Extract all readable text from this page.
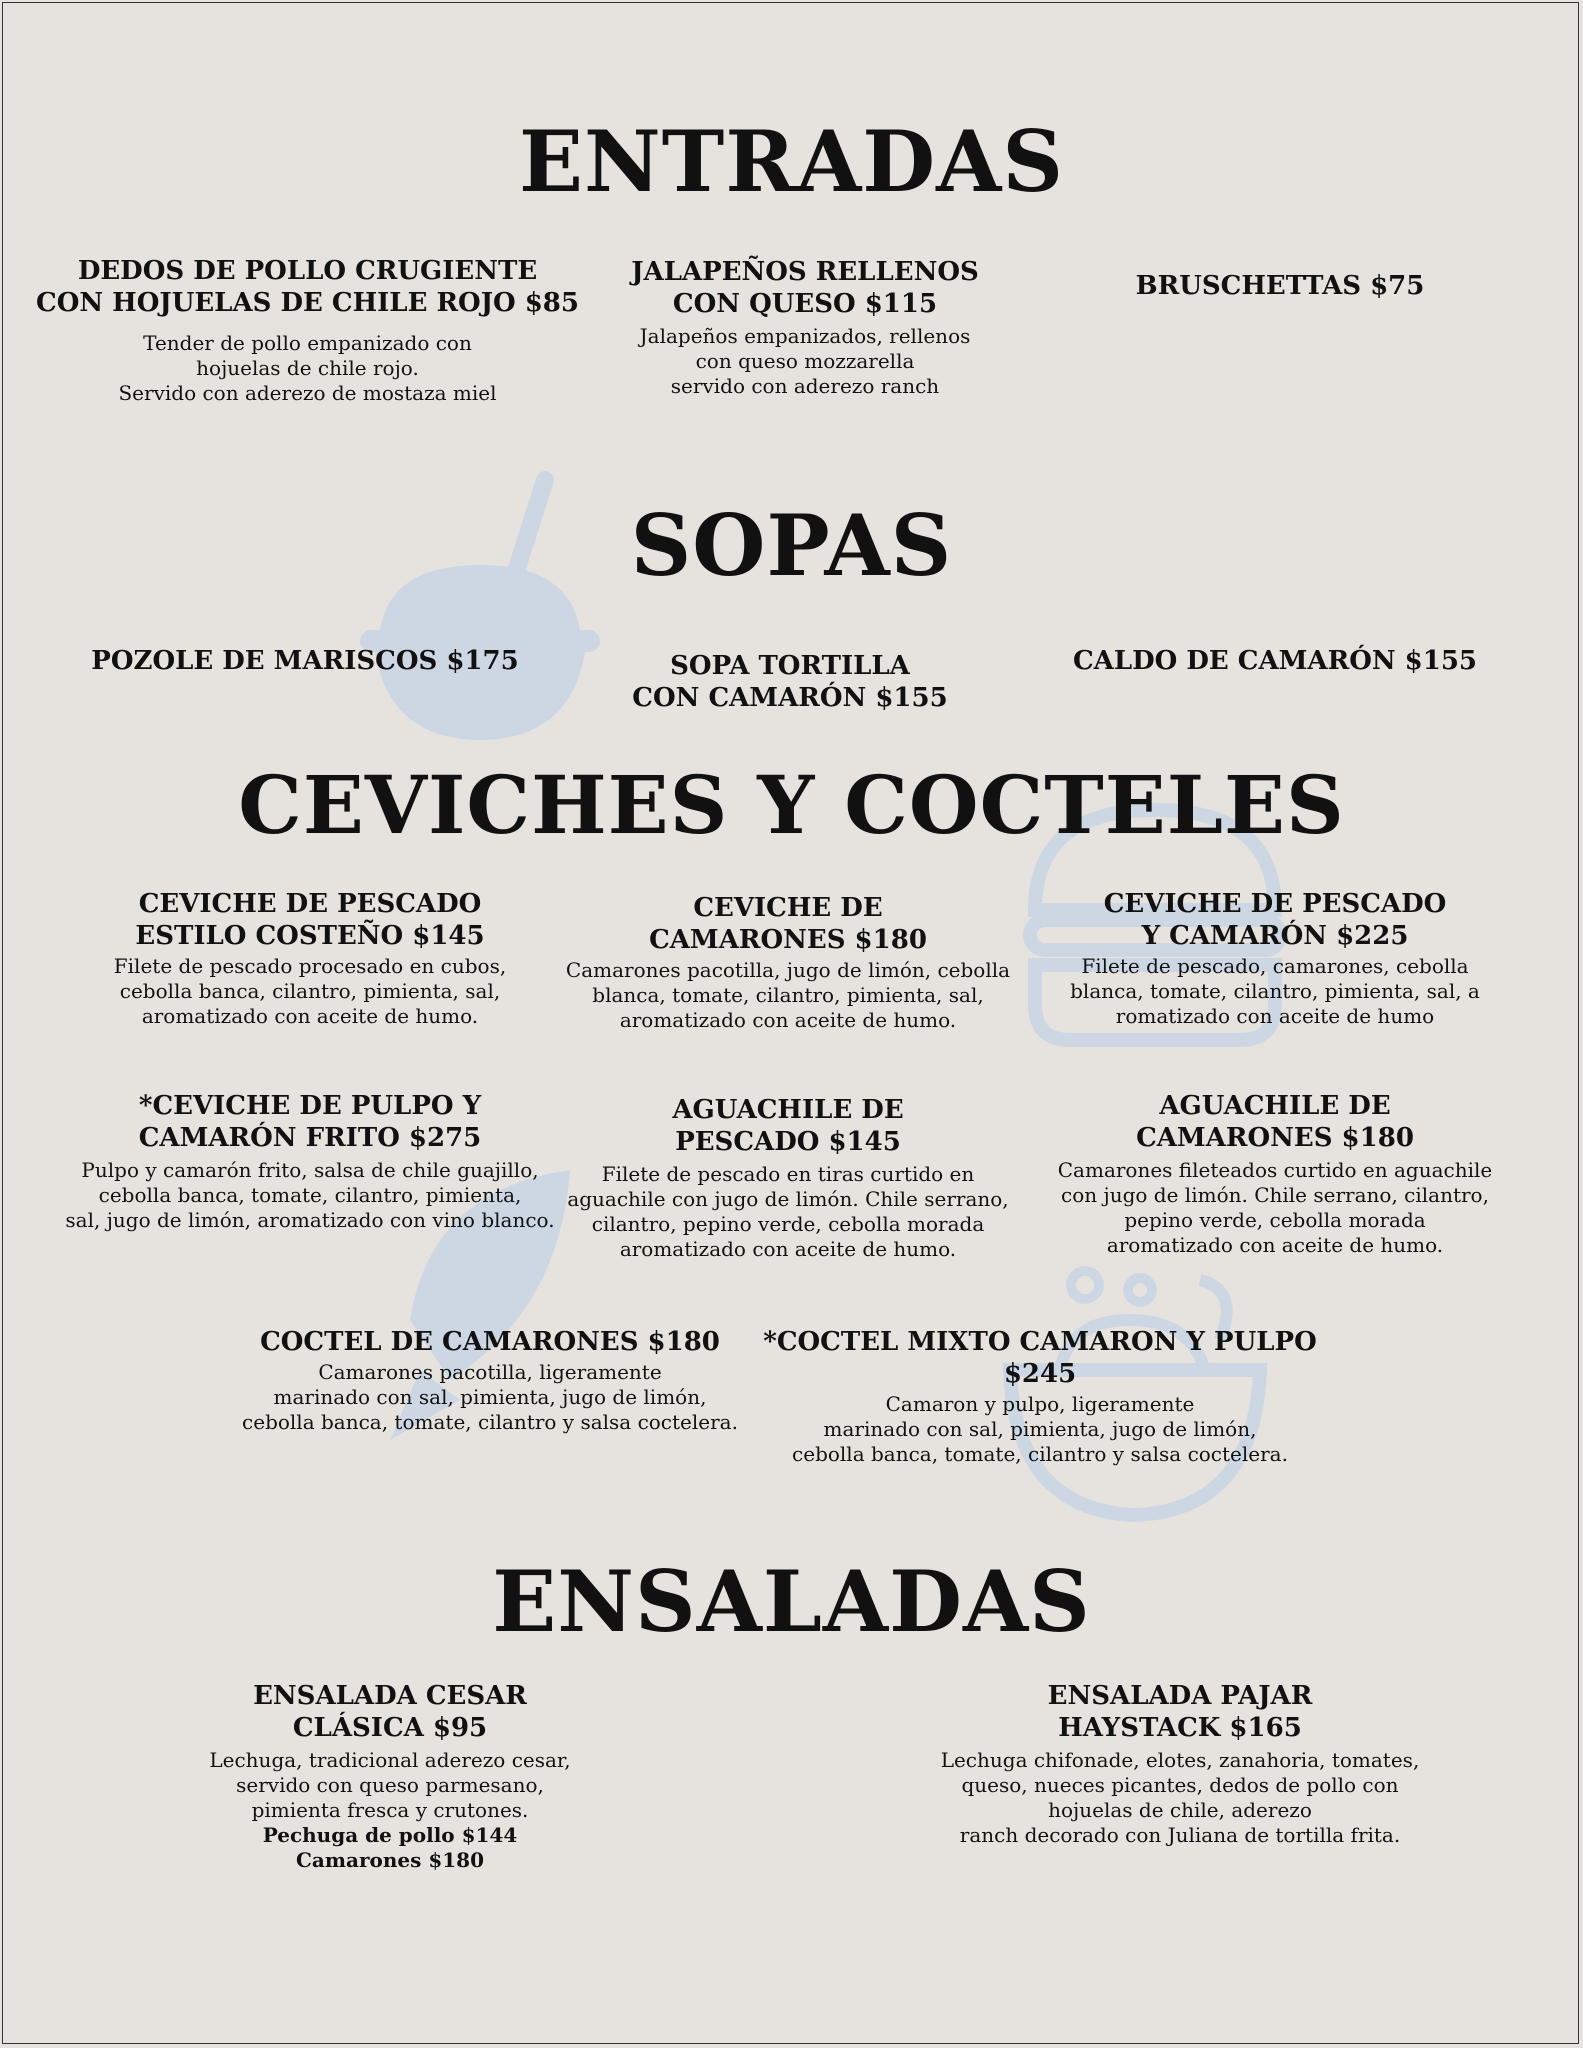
ENTRADAS
DEDOS DE POLLO CRUGIENTE
CON HOJUELAS DE CHILE ROJO $85
Tender de pollo empanizado con
hojuelas de chile rojo.
Servido con aderezo de mostaza miel
JALAPEÑOS RELLENOS
CON QUESO $115
Jalapeños empanizados, rellenos
con queso mozzarella
servido con aderezo ranch
BRUSCHETTAS $75
SOPAS
POZOLE DE MARISCOS $175	SOPA TORTILLA
CON CAMARÓN $155
CALDO DE CAMARÓN $155
CEVICHES Y COCTELES
CEVICHE DE PESCADO
ESTILO COSTEÑO $145
Filete de pescado procesado en cubos,
cebolla banca, cilantro, pimienta, sal,
aromatizado con aceite de humo.
CEVICHE DE
CAMARONES $180
Camarones pacotilla, jugo de limón, cebolla
blanca, tomate, cilantro, pimienta, sal,
aromatizado con aceite de humo.
CEVICHE DE PESCADO
Y CAMARÓN $225
Filete de pescado, camarones, cebolla
blanca, tomate, cilantro, pimienta, sal, a
romatizado con aceite de humo
*CEVICHE DE PULPO Y
CAMARÓN FRITO $275
Pulpo y camarón frito, salsa de chile guajillo,
cebolla banca, tomate, cilantro, pimienta,
sal, jugo de limón, aromatizado con vino blanco.
AGUACHILE DE
PESCADO $145
Filete de pescado en tiras curtido en
aguachile con jugo de limón. Chile serrano,
cilantro, pepino verde, cebolla morada
aromatizado con aceite de humo.
AGUACHILE DE
CAMARONES $180
Camarones fileteados curtido en aguachile
con jugo de limón. Chile serrano, cilantro,
pepino verde, cebolla morada
aromatizado con aceite de humo.
COCTEL DE CAMARONES $180
Camarones pacotilla, ligeramente
marinado con sal, pimienta, jugo de limón,
cebolla banca, tomate, cilantro y salsa coctelera.
*COCTEL MIXTO CAMARON Y PULPO $245
Camaron y pulpo, ligeramente
marinado con sal, pimienta, jugo de limón,
cebolla banca, tomate, cilantro y salsa coctelera.
ENSALADAS
ENSALADA CESAR
CLÁSICA $95
Lechuga, tradicional aderezo cesar,
servido con queso parmesano,
pimienta fresca y crutones.
Pechuga de pollo $144
Camarones $180
ENSALADA PAJAR
HAYSTACK $165
Lechuga chifonade, elotes, zanahoria, tomates,
queso, nueces picantes, dedos de pollo con
hojuelas de chile, aderezo
ranch decorado con Juliana de tortilla frita.
